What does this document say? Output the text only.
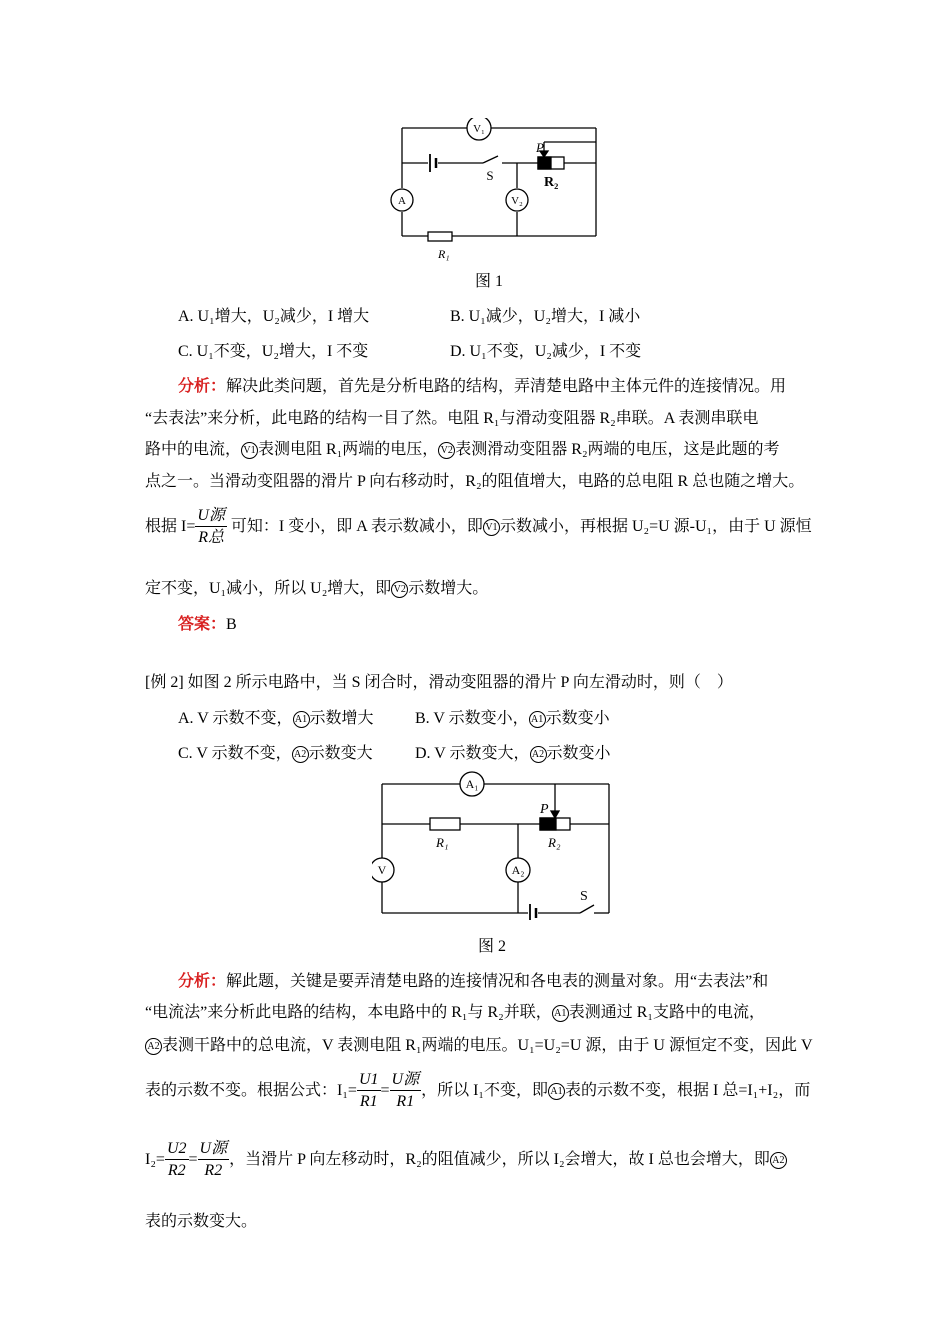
V₁
A	V₂
S
P
R₂
R₁
图 1
A. U₁增大，U₂减少，I 增大	B. U₁减少，U₂增大，I 减小
C. U₁不变，U₂增大，I 不变	D. U₁不变，U₂减少，I 不变
分析：解决此类问题，首先是分析电路的结构，弄清楚电路中主体元件的连接情况。用
“去表法”来分析，此电路的结构一目了然。电阻 R₁与滑动变阻器 R₂串联。A 表测串联电
路中的电流， V1 表测电阻 R₁两端的电压， V2 表测滑动变阻器 R₂两端的电压，这是此题的考
点之一。当滑动变阻器的滑片 P 向右移动时，R₂的阻值增大，电路的总电阻 R 总也随之增大。
根据 $I= \frac{\text{U源}}{\text{R总}}$ 可知：I 变小，即 A 表示数减小，即 V1 示数减小，再根据 U₂=U 源-U₁，由于 U 源恒
定不变，U₁减小，所以 U₂增大，即 V2 示数增大。
答案：B
[例 2] 如图 2 所示电路中，当 S 闭合时，滑动变阻器的滑片 P 向左滑动时，则（　）
A. V 示数不变， A1 示数增大	B. V 示数变小， A1 示数变小
C. V 示数不变， A2 示数变大	D. V 示数变大， A2 示数变小
A₁
V	A₂
P
R₁	R₂
S
图 2
分析：解此题，关键是要弄清楚电路的连接情况和各电表的测量对象。用“去表法”和
“电流法”来分析此电路的结构，本电路中的 R₁与 R₂并联， A1 表测通过 R₁支路中的电流，
A2 表测干路中的总电流，V 表测电阻 R₁两端的电压。U₁=U₂=U 源，由于 U 源恒定不变，因此 V
表的示数不变。根据公式：$I_1= \frac{U1}{R1} = \frac{\text{U源}}{R1}$ ，所以 I₁不变，即 A1 表的示数不变，根据 I 总=I₁+I₂，而
$I_2= \frac{U2}{R2} = \frac{\text{U源}}{R2}$ ，当滑片 P 向左移动时，R₂的阻值减少，所以 I₂会增大，故 I 总也会增大，即 A2
表的示数变大。
